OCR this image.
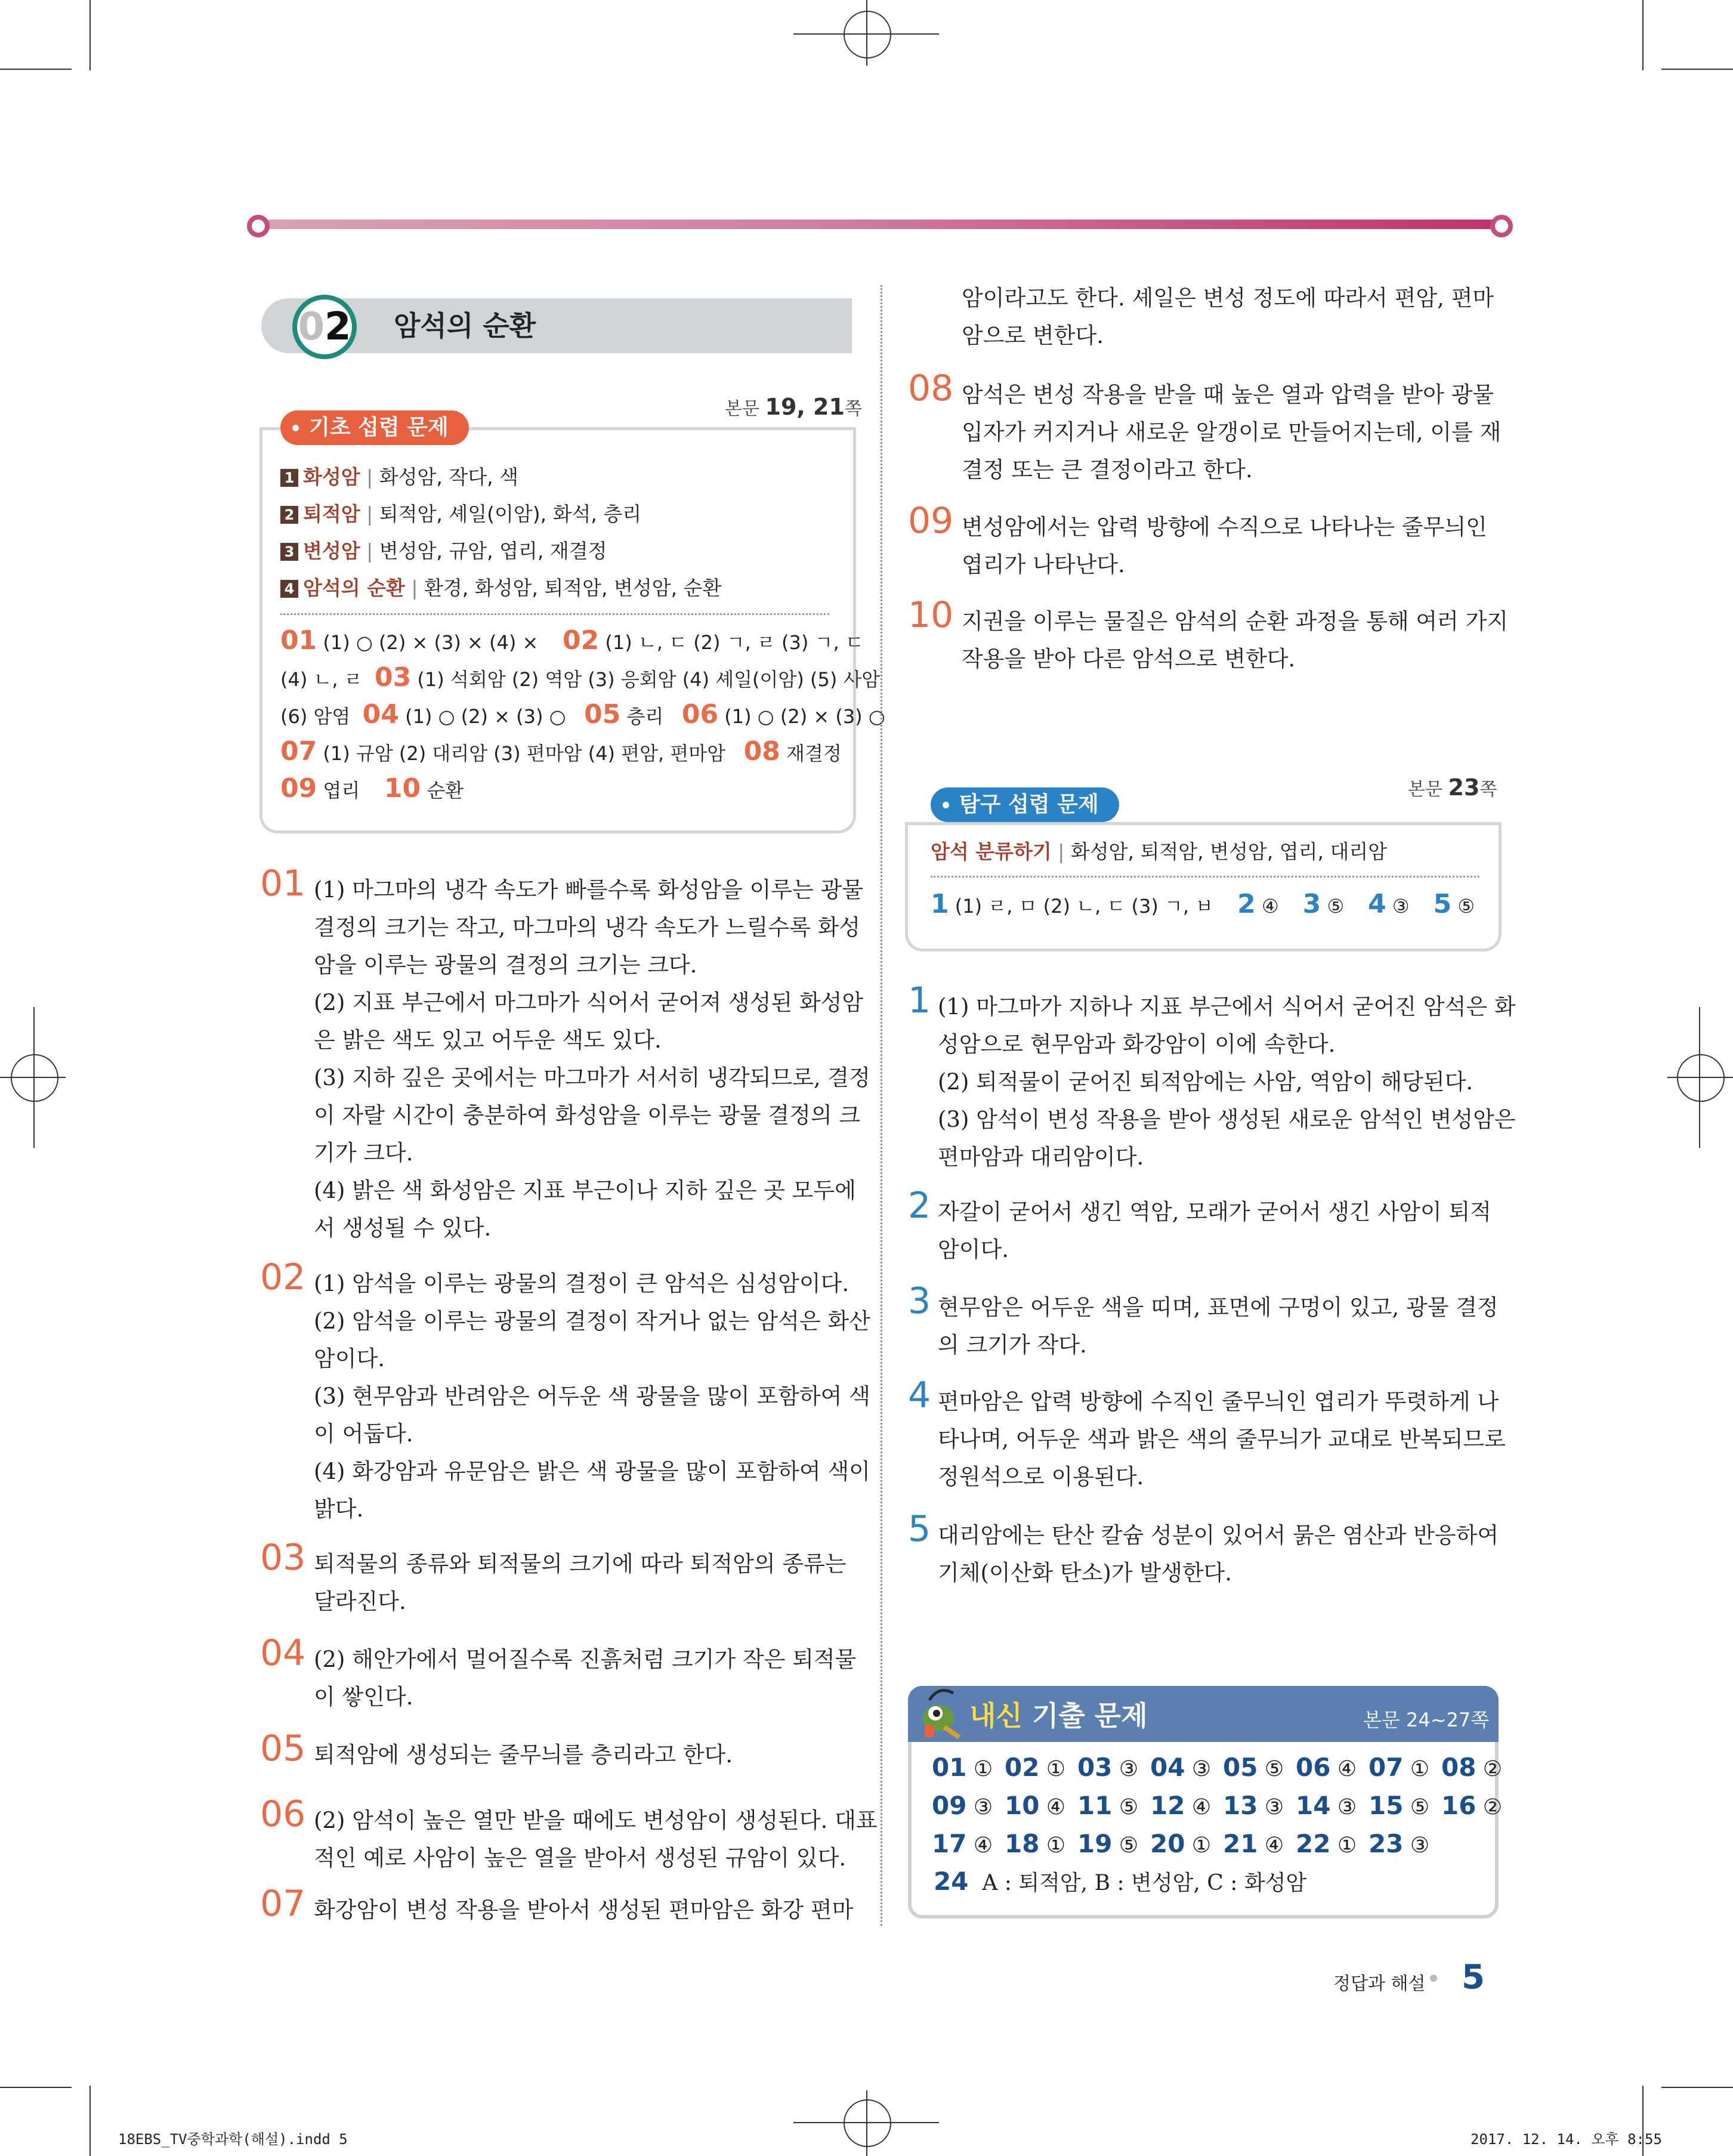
02 암석의 순환
기초 섭렵 문제
본문 19, 21쪽
1 화성암 | 화성암, 작다, 색
2 퇴적암 | 퇴적암, 셰일(이암), 화석, 층리
3 변성암 | 변성암, 규암, 엽리, 재결정
4 암석의 순환 | 환경, 화성암, 퇴적암, 변성암, 순환
01 (1) ○ (2) × (3) × (4) × 02 (1) ㄴ, ㄷ (2) ㄱ, ㄹ (3) ㄱ, ㄷ
(4) ㄴ, ㄹ 03 (1) 석회암 (2) 역암 (3) 응회암 (4) 셰일(이암) (5) 사암
(6) 암염 04 (1) ○ (2) × (3) ○ 05 층리 06 (1) ○ (2) × (3) ○
07 (1) 규암 (2) 대리암 (3) 편마암 (4) 편암, 편마암 08 재결정
09 엽리 10 순환
01 (1) 마그마의 냉각 속도가 빠를수록 화성암을 이루는 광물
결정의 크기는 작고, 마그마의 냉각 속도가 느릴수록 화성
암을 이루는 광물의 결정의 크기는 크다.
(2) 지표 부근에서 마그마가 식어서 굳어져 생성된 화성암
은 밝은 색도 있고 어두운 색도 있다.
(3) 지하 깊은 곳에서는 마그마가 서서히 냉각되므로, 결정
이 자랄 시간이 충분하여 화성암을 이루는 광물 결정의 크
기가 크다.
(4) 밝은 색 화성암은 지표 부근이나 지하 깊은 곳 모두에
서 생성될 수 있다.
02 (1) 암석을 이루는 광물의 결정이 큰 암석은 심성암이다.
(2) 암석을 이루는 광물의 결정이 작거나 없는 암석은 화산
암이다.
(3) 현무암과 반려암은 어두운 색 광물을 많이 포함하여 색
이 어둡다.
(4) 화강암과 유문암은 밝은 색 광물을 많이 포함하여 색이
밝다.
03 퇴적물의 종류와 퇴적물의 크기에 따라 퇴적암의 종류는
달라진다.
04 (2) 해안가에서 멀어질수록 진흙처럼 크기가 작은 퇴적물
이 쌓인다.
05 퇴적암에 생성되는 줄무늬를 층리라고 한다.
06 (2) 암석이 높은 열만 받을 때에도 변성암이 생성된다. 대표
적인 예로 사암이 높은 열을 받아서 생성된 규암이 있다.
07 화강암이 변성 작용을 받아서 생성된 편마암은 화강 편마
암이라고도 한다. 셰일은 변성 정도에 따라서 편암, 편마
암으로 변한다.
08 암석은 변성 작용을 받을 때 높은 열과 압력을 받아 광물
입자가 커지거나 새로운 알갱이로 만들어지는데, 이를 재
결정 또는 큰 결정이라고 한다.
09 변성암에서는 압력 방향에 수직으로 나타나는 줄무늬인
엽리가 나타난다.
10 지권을 이루는 물질은 암석의 순환 과정을 통해 여러 가지
작용을 받아 다른 암석으로 변한다.
탐구 섭렵 문제
본문 23쪽
암석 분류하기 | 화성암, 퇴적암, 변성암, 엽리, 대리암
1 (1) ㄹ, ㅁ (2) ㄴ, ㄷ (3) ㄱ, ㅂ 2 ④ 3 ⑤ 4 ③ 5 ⑤
1 (1) 마그마가 지하나 지표 부근에서 식어서 굳어진 암석은 화
성암으로 현무암과 화강암이 이에 속한다.
(2) 퇴적물이 굳어진 퇴적암에는 사암, 역암이 해당된다.
(3) 암석이 변성 작용을 받아 생성된 새로운 암석인 변성암은
편마암과 대리암이다.
2 자갈이 굳어서 생긴 역암, 모래가 굳어서 생긴 사암이 퇴적
암이다.
3 현무암은 어두운 색을 띠며, 표면에 구멍이 있고, 광물 결정
의 크기가 작다.
4 편마암은 압력 방향에 수직인 줄무늬인 엽리가 뚜렷하게 나
타나며, 어두운 색과 밝은 색의 줄무늬가 교대로 반복되므로
정원석으로 이용된다.
5 대리암에는 탄산 칼슘 성분이 있어서 묽은 염산과 반응하여
기체(이산화 탄소)가 발생한다.
내신 기출 문제	본문 24~27쪽
01 ① 02 ① 03 ③ 04 ③ 05 ⑤ 06 ④ 07 ① 08 ②
09 ③ 10 ④ 11 ⑤ 12 ④ 13 ③ 14 ③ 15 ⑤ 16 ②
17 ④ 18 ① 19 ⑤ 20 ① 21 ④ 22 ① 23 ③
24 A : 퇴적암, B : 변성암, C : 화성암
정답과 해설 5
18EBS_TV중학과학(해설).indd 5	2017. 12. 14. 오후 8:55
